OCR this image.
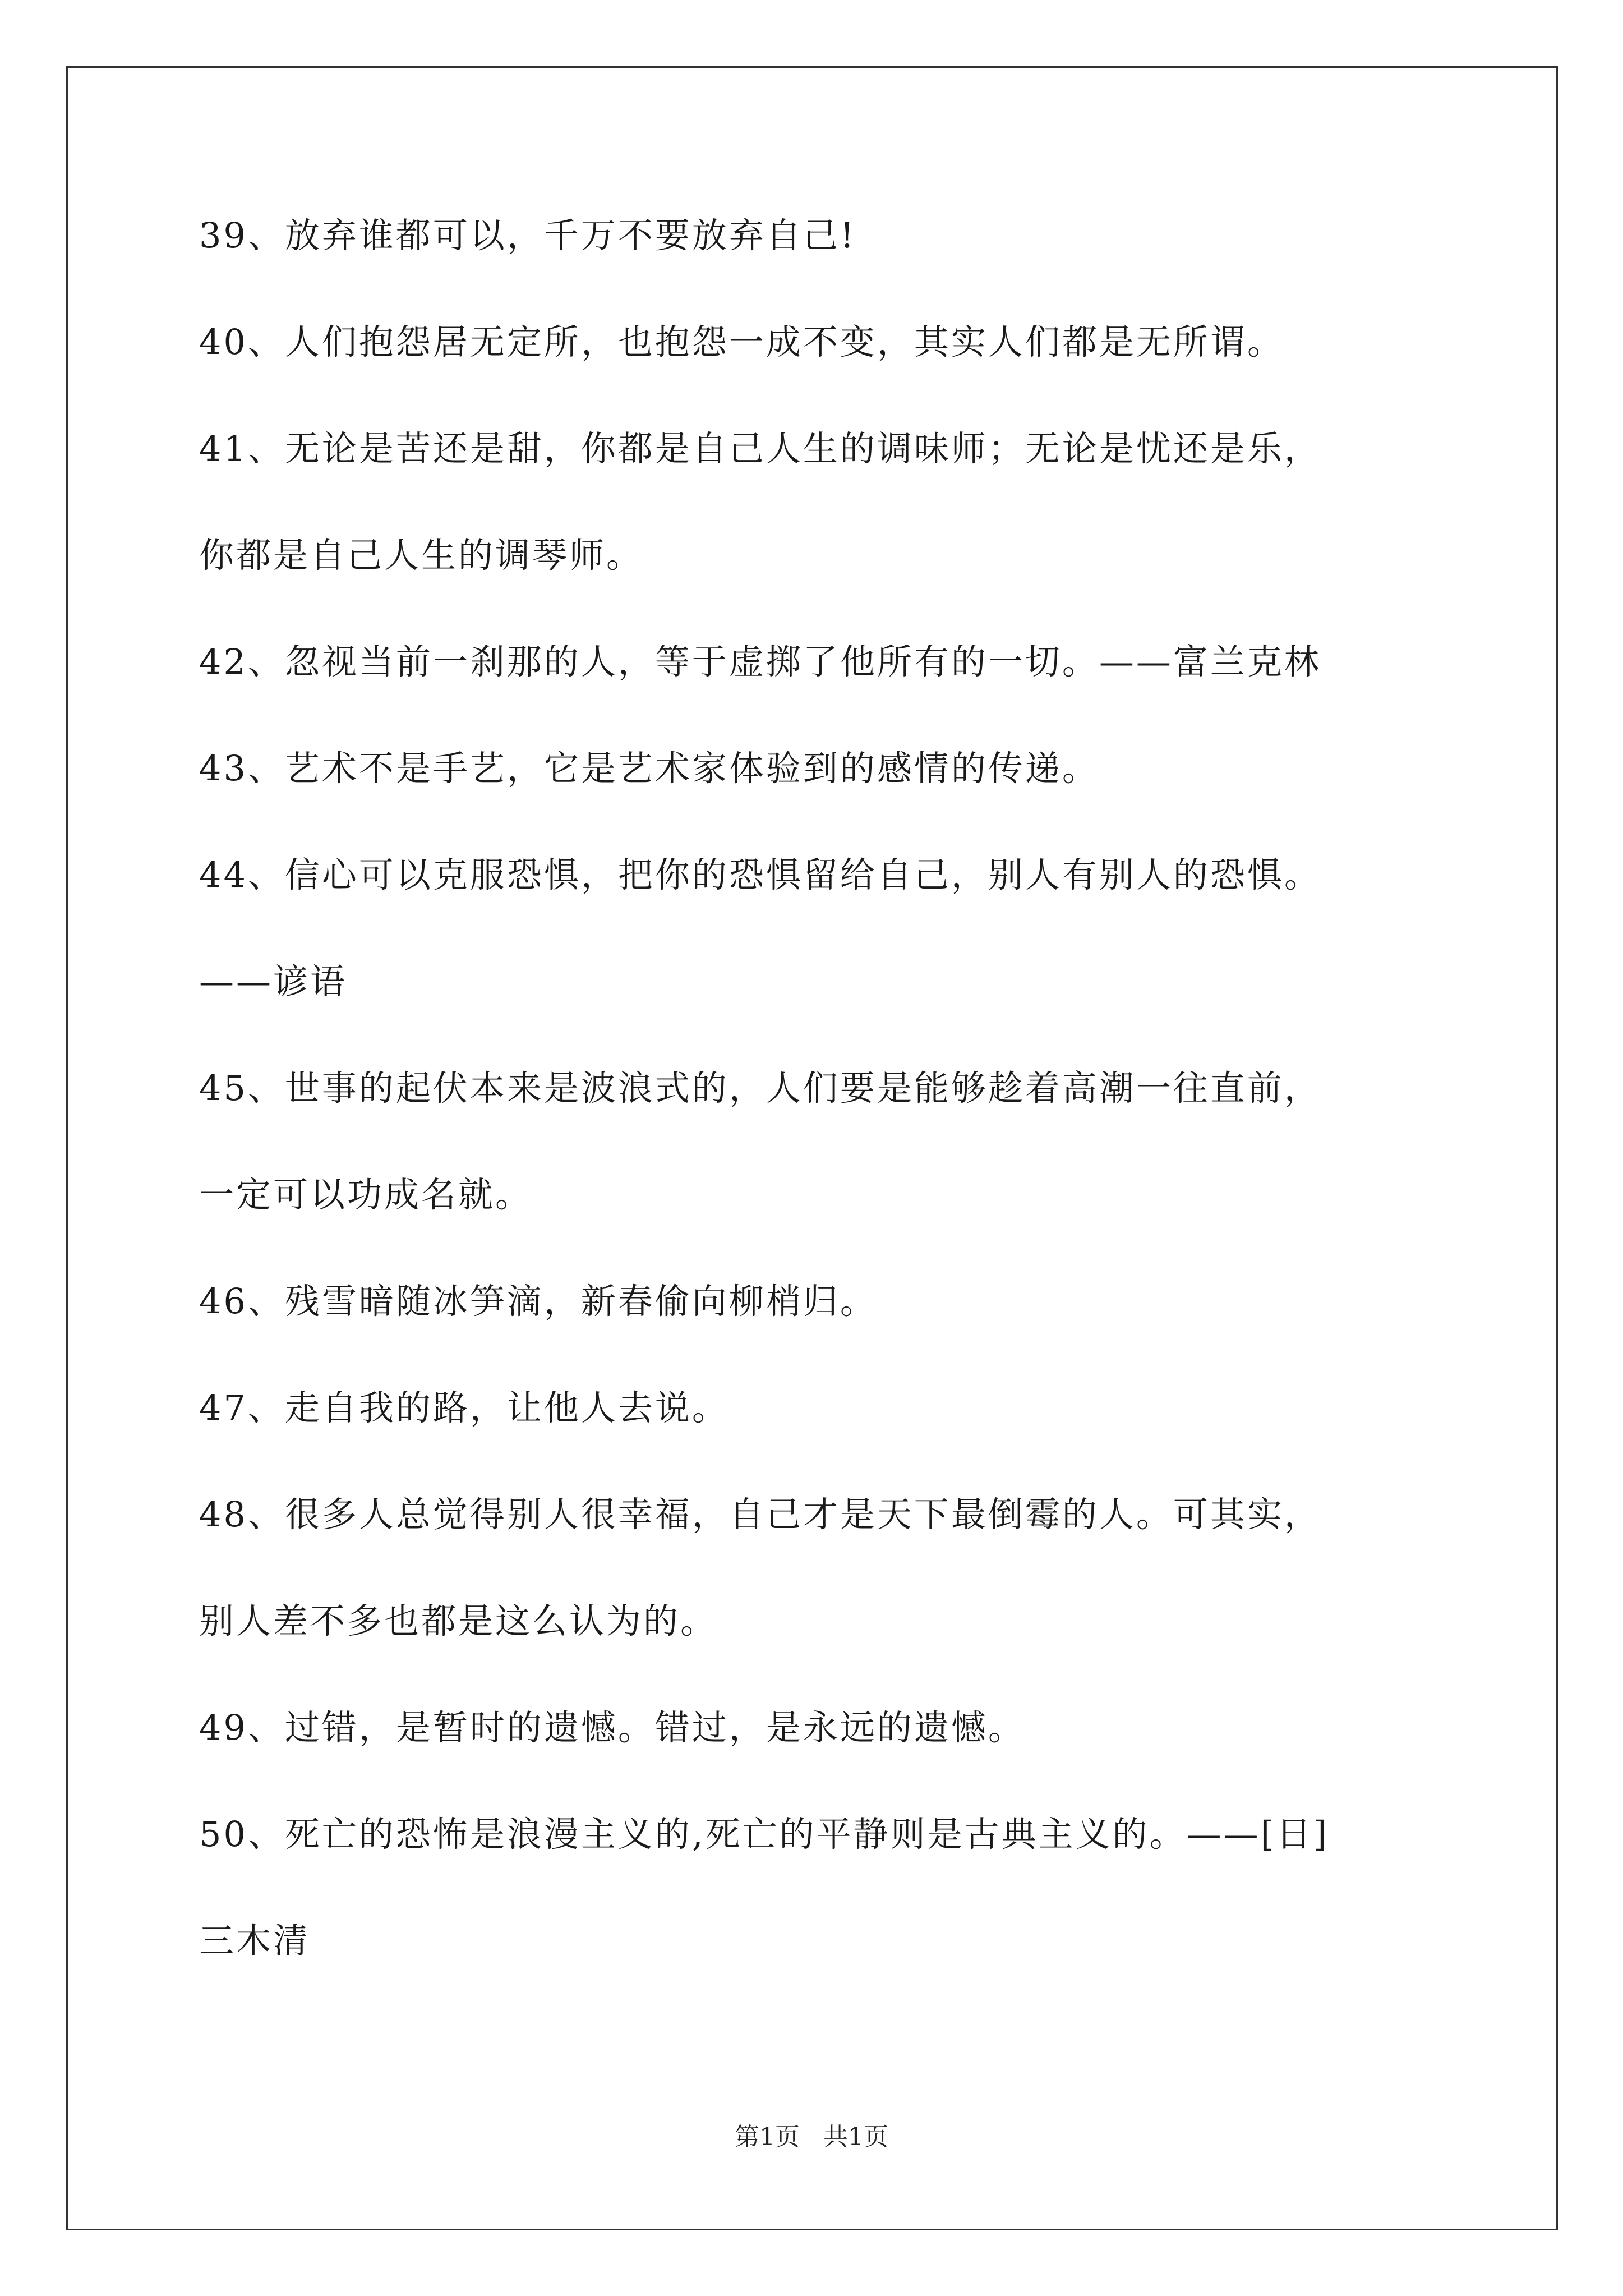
39、放弃谁都可以，千万不要放弃自己!
40、人们抱怨居无定所，也抱怨一成不变，其实人们都是无所谓。
41、无论是苦还是甜，你都是自己人生的调味师；无论是忧还是乐，
你都是自己人生的调琴师。
42、忽视当前一刹那的人，等于虚掷了他所有的一切。——富兰克林
43、艺术不是手艺，它是艺术家体验到的感情的传递。
44、信心可以克服恐惧，把你的恐惧留给自己，别人有别人的恐惧。
——谚语
45、世事的起伏本来是波浪式的，人们要是能够趁着高潮一往直前，
一定可以功成名就。
46、残雪暗随冰笋滴，新春偷向柳梢归。
47、走自我的路，让他人去说。
48、很多人总觉得别人很幸福，自己才是天下最倒霉的人。可其实，
别人差不多也都是这么认为的。
49、过错，是暂时的遗憾。错过，是永远的遗憾。
50、死亡的恐怖是浪漫主义的,死亡的平静则是古典主义的。——[日]
三木清
第1页 共1页
